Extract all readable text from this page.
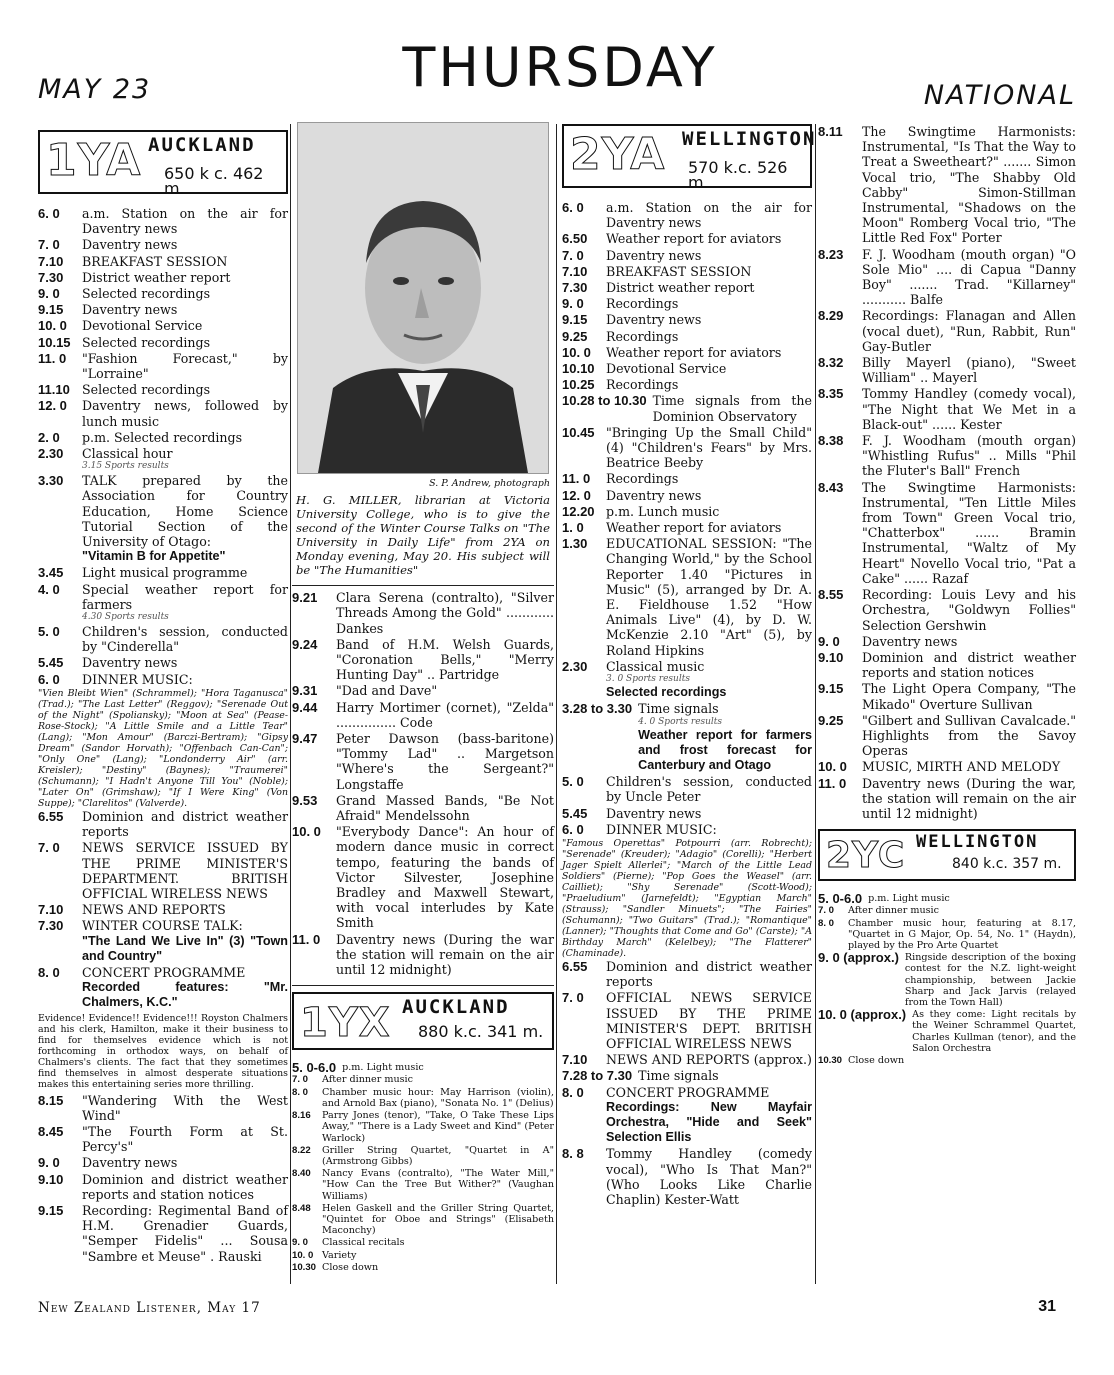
MAY 23	THURSDAY	NATIONAL
1YA AUCKLAND
650 k c. 462 m.
6. 0	a.m. Station on the air for Daventry news
7. 0	Daventry news
7.10	BREAKFAST SESSION
7.30	District weather report
9. 0	Selected recordings
9.15	Daventry news
10. 0	Devotional Service
10.15 Selected recordings
11. 0	"Fashion Forecast," by "Lorraine"
11.10 Selected recordings
12. 0	Daventry news, followed by lunch music
2. 0	p.m. Selected recordings
2.30	Classical hour
3.15 Sports results
3.30	TALK prepared by the Association for Country Education, Home Science Tutorial Section of the University of Otago:
"Vitamin B for Appetite"
3.45	Light musical programme
4. 0	Special weather report for farmers
4.30 Sports results
5. 0	Children's session, conducted by "Cinderella"
5.45	Daventry news
6. 0	DINNER MUSIC:
"Vien Bleibt Wien" (Schrammel); "Hora Taganusca" (Trad.); "The Last Letter" (Reggov); "Serenade Out of the Night" (Spoliansky); "Moon at Sea" (Pease-Rose-Stock); "A Little Smile and a Little Tear" (Lang); "Mon Amour" (Barczi-Bertram); "Gipsy Dream" (Sandor Horvath); "Offenbach Can-Can"; "Only One" (Lang); "Londonderry Air" (arr. Kreisler); "Destiny" (Baynes); "Traumerei" (Schumann); "I Hadn't Anyone Till You" (Noble); "Later On" (Grimshaw); "If I Were King" (Von Suppe); "Clarelitos" (Valverde).
6.55	Dominion and district weather reports
7. 0	NEWS SERVICE ISSUED BY THE PRIME MINISTER'S DEPARTMENT. BRITISH OFFICIAL WIRELESS NEWS
7.10	NEWS AND REPORTS
7.30	WINTER COURSE TALK:
"The Land We Live In" (3) "Town and Country"
8. 0	CONCERT PROGRAMME
Recorded features: "Mr. Chalmers, K.C."
Evidence! Evidence!! Evidence!!! Royston Chalmers and his clerk, Hamilton, make it their business to find for themselves evidence which is not forthcoming in orthodox ways, on behalf of Chalmers's clients. The fact that they sometimes find themselves in almost desperate situations makes this entertaining series more thrilling.
8.15	"Wandering With the West Wind"
8.45	"The Fourth Form at St. Percy's"
9. 0	Daventry news
9.10	Dominion and district weather reports and station notices
9.15	Recording: Regimental Band of H.M. Grenadier Guards, "Semper Fidelis" ... Sousa "Sambre et Meuse" . Rauski
S. P. Andrew, photograph
H. G. MILLER, librarian at Victoria University College, who is to give the second of the Winter Course Talks on "The University in Daily Life" from 2YA on Monday evening, May 20. His subject will be "The Humanities"
9.21	Clara Serena (contralto), "Silver Threads Among the Gold" ............ Dankes
9.24	Band of H.M. Welsh Guards, "Coronation Bells," "Merry Hunting Day" .. Partridge
9.31	"Dad and Dave"
9.44	Harry Mortimer (cornet), "Zelda" ............... Code
9.47	Peter Dawson (bass-baritone) "Tommy Lad" .. Margetson "Where's the Sergeant?" Longstaffe
9.53	Grand Massed Bands, "Be Not Afraid" Mendelssohn
10. 0	"Everybody Dance": An hour of modern dance music in correct tempo, featuring the bands of Victor Silvester, Josephine Bradley and Maxwell Stewart, with vocal interludes by Kate Smith
11. 0	Daventry news (During the war the station will remain on the air until 12 midnight)
1YX AUCKLAND
880 k.c. 341 m.
5. 0-6.0 p.m. Light music
7. 0	After dinner music
8. 0	Chamber music hour: May Harrison (violin), and Arnold Bax (piano), "Sonata No. 1" (Delius)
8.16	Parry Jones (tenor), "Take, O Take These Lips Away," "There is a Lady Sweet and Kind" (Peter Warlock)
8.22	Griller String Quartet, "Quartet in A" (Armstrong Gibbs)
8.40	Nancy Evans (contralto), "The Water Mill," "How Can the Tree But Wither?" (Vaughan Williams)
8.48	Helen Gaskell and the Griller String Quartet, "Quintet for Oboe and Strings" (Elisabeth Maconchy)
9. 0	Classical recitals
10. 0 Variety
10.30 Close down
2YA WELLINGTON
570 k.c. 526 m.
6. 0	a.m. Station on the air for Daventry news
6.50	Weather report for aviators
7. 0	Daventry news
7.10	BREAKFAST SESSION
7.30	District weather report
9. 0	Recordings
9.15	Daventry news
9.25	Recordings
10. 0	Weather report for aviators
10.10 Devotional Service
10.25 Recordings
10.28 to 10.30 Time signals from the Dominion Observatory
10.45 "Bringing Up the Small Child" (4) "Children's Fears" by Mrs. Beatrice Beeby
11. 0	Recordings
12. 0	Daventry news
12.20 p.m. Lunch music
1. 0	Weather report for aviators
1.30	EDUCATIONAL SESSION: "The Changing World," by the School Reporter 1.40 "Pictures in Music" (5), arranged by Dr. A. E. Fieldhouse 1.52 "How Animals Live" (4), by D. W. McKenzie 2.10 "Art" (5), by Roland Hipkins
2.30	Classical music
3. 0 Sports results
Selected recordings
3.28 to 3.30 Time signals
4. 0 Sports results
Weather report for farmers and frost forecast for Canterbury and Otago
5. 0	Children's session, conducted by Uncle Peter
5.45	Daventry news
6. 0	DINNER MUSIC:
"Famous Operettas" Potpourri (arr. Robrecht); "Serenade" (Kreuder); "Adagio" (Corelli); "Herbert Jager Spielt Allerlei"; "March of the Little Lead Soldiers" (Pierne); "Pop Goes the Weasel" (arr. Cailliet); "Shy Serenade" (Scott-Wood); "Praeludium" (Jarnefeldt); "Egyptian March" (Strauss); "Sandler Minuets"; "The Fairies" (Schumann); "Two Guitars" (Trad.); "Romantique" (Lanner); "Thoughts that Come and Go" (Carste); "A Birthday March" (Kelelbey); "The Flatterer" (Chaminade).
6.55	Dominion and district weather reports
7. 0	OFFICIAL NEWS SERVICE ISSUED BY THE PRIME MINISTER'S DEPT. BRITISH OFFICIAL WIRELESS NEWS
7.10	NEWS AND REPORTS (approx.)
7.28 to 7.30 Time signals
8. 0	CONCERT PROGRAMME
Recordings: New Mayfair Orchestra, "Hide and Seek" Selection Ellis
8. 8	Tommy Handley (comedy vocal), "Who Is That Man?" (Who Looks Like Charlie Chaplin) Kester-Watt
8.11	The Swingtime Harmonists: Instrumental, "Is That the Way to Treat a Sweetheart?" ....... Simon Vocal trio, "The Shabby Old Cabby" Simon-Stillman Instrumental, "Shadows on the Moon" Romberg Vocal trio, "The Little Red Fox" Porter
8.23	F. J. Woodham (mouth organ) "O Sole Mio" .... di Capua "Danny Boy" ....... Trad. "Killarney" ........... Balfe
8.29	Recordings: Flanagan and Allen (vocal duet), "Run, Rabbit, Run" Gay-Butler
8.32	Billy Mayerl (piano), "Sweet William" .. Mayerl
8.35	Tommy Handley (comedy vocal), "The Night that We Met in a Black-out" ...... Kester
8.38	F. J. Woodham (mouth organ) "Whistling Rufus" .. Mills "Phil the Fluter's Ball" French
8.43	The Swingtime Harmonists: Instrumental, "Ten Little Miles from Town" Green Vocal trio, "Chatterbox" ...... Bramin Instrumental, "Waltz of My Heart" Novello Vocal trio, "Pat a Cake" ...... Razaf
8.55	Recording: Louis Levy and his Orchestra, "Goldwyn Follies" Selection Gershwin
9. 0	Daventry news
9.10	Dominion and district weather reports and station notices
9.15	The Light Opera Company, "The Mikado" Overture Sullivan
9.25	"Gilbert and Sullivan Cavalcade." Highlights from the Savoy Operas
10. 0	MUSIC, MIRTH AND MELODY
11. 0	Daventry news (During the war, the station will remain on the air until 12 midnight)
2YC WELLINGTON
840 k.c. 357 m.
5. 0-6.0 p.m. Light music
7. 0	After dinner music
8. 0	Chamber music hour, featuring at 8.17, "Quartet in G Major, Op. 54, No. 1" (Haydn), played by the Pro Arte Quartet
9. 0 (approx.) Ringside description of the boxing contest for the N.Z. light-weight championship, between Jackie Sharp and Jack Jarvis (relayed from the Town Hall)
10. 0 (approx.) As they come: Light recitals by the Weiner Schrammel Quartet, Charles Kullman (tenor), and the Salon Orchestra
10.30 Close down
New Zealand Listener, May 17	31
